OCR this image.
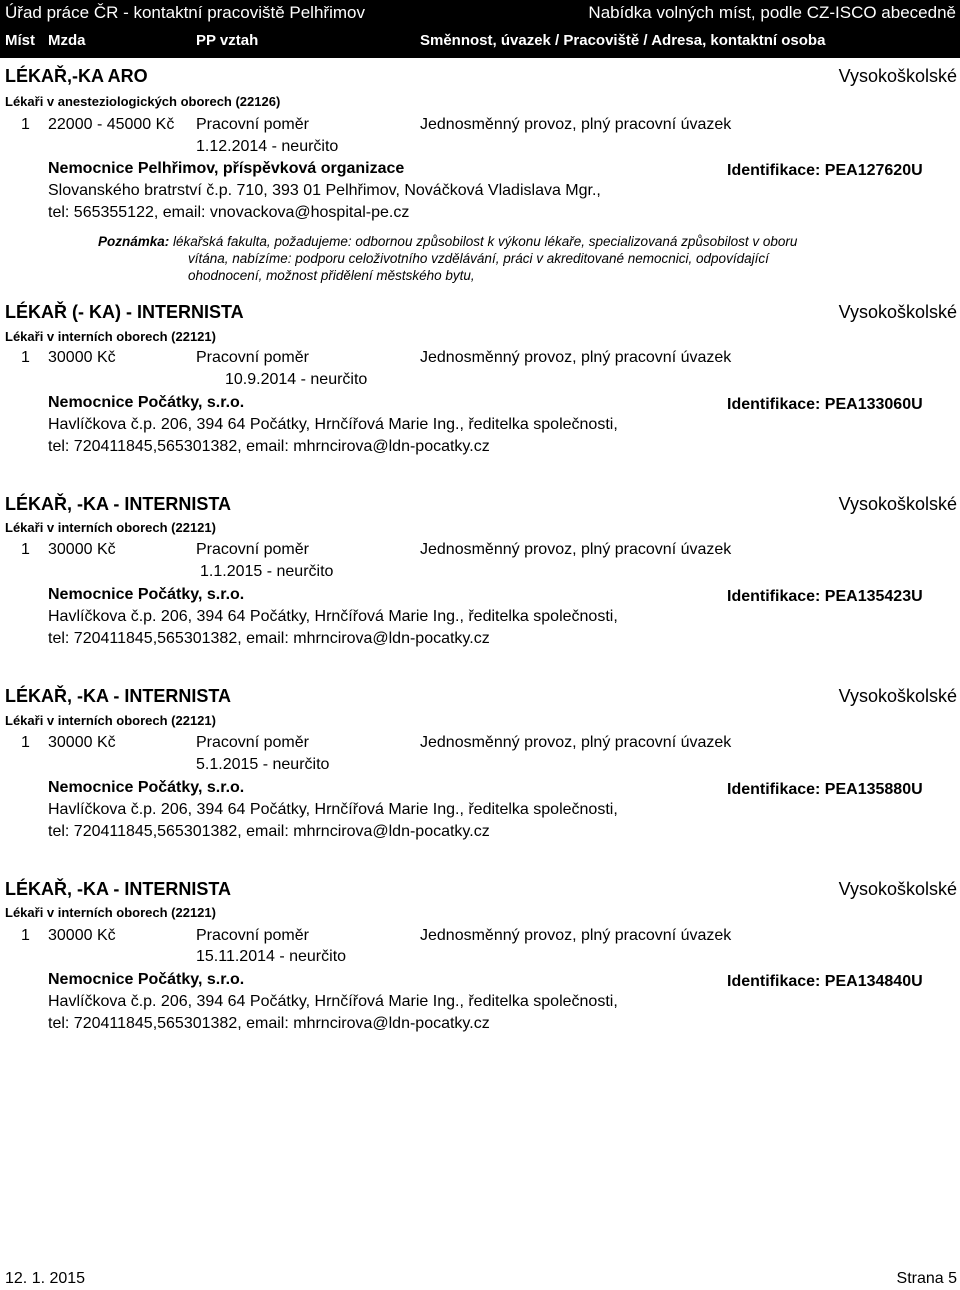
Úřad práce ČR - kontaktní pracoviště Pelhřimov	Nabídka volných míst, podle CZ-ISCO abecedně
Míst Mzda	PP vztah	Směnnost, úvazek / Pracoviště / Adresa, kontaktní osoba
LÉKAŘ,-KA ARO	Vysokoškolské
Lékaři v anesteziologických oborech (22126)
1 22000 - 45000 Kč Pracovní poměr	Jednosměnný provoz, plný pracovní úvazek
1.12.2014 - neurčito
Nemocnice Pelhřimov, příspěvková organizace	Identifikace: PEA127620U
Slovanského bratrství č.p. 710, 393 01 Pelhřimov, Nováčková Vladislava Mgr.,
tel: 565355122, email: vnovackova@hospital-pe.cz
Poznámka: lékařská fakulta, požadujeme: odbornou způsobilost k výkonu lékaře, specializovaná způsobilost v oboru
vítána, nabízíme: podporu celoživotního vzdělávání, práci v akreditované nemocnici, odpovídající
ohodnocení, možnost přidělení městského bytu,
LÉKAŘ (- KA) - INTERNISTA	Vysokoškolské
Lékaři v interních oborech (22121)
1 30000 Kč	Pracovní poměr	Jednosměnný provoz, plný pracovní úvazek
10.9.2014 - neurčito
Nemocnice Počátky, s.r.o.	Identifikace: PEA133060U
Havlíčkova č.p. 206, 394 64 Počátky, Hrnčířová Marie Ing., ředitelka společnosti,
tel: 720411845,565301382, email: mhrncirova@ldn-pocatky.cz
LÉKAŘ, -KA - INTERNISTA	Vysokoškolské
Lékaři v interních oborech (22121)
1 30000 Kč	Pracovní poměr	Jednosměnný provoz, plný pracovní úvazek
1.1.2015 - neurčito
Nemocnice Počátky, s.r.o.	Identifikace: PEA135423U
Havlíčkova č.p. 206, 394 64 Počátky, Hrnčířová Marie Ing., ředitelka společnosti,
tel: 720411845,565301382, email: mhrncirova@ldn-pocatky.cz
LÉKAŘ, -KA - INTERNISTA	Vysokoškolské
Lékaři v interních oborech (22121)
1 30000 Kč	Pracovní poměr	Jednosměnný provoz, plný pracovní úvazek
5.1.2015 - neurčito
Nemocnice Počátky, s.r.o.	Identifikace: PEA135880U
Havlíčkova č.p. 206, 394 64 Počátky, Hrnčířová Marie Ing., ředitelka společnosti,
tel: 720411845,565301382, email: mhrncirova@ldn-pocatky.cz
LÉKAŘ, -KA - INTERNISTA	Vysokoškolské
Lékaři v interních oborech (22121)
1 30000 Kč	Pracovní poměr	Jednosměnný provoz, plný pracovní úvazek
15.11.2014 - neurčito
Nemocnice Počátky, s.r.o.	Identifikace: PEA134840U
Havlíčkova č.p. 206, 394 64 Počátky, Hrnčířová Marie Ing., ředitelka společnosti,
tel: 720411845,565301382, email: mhrncirova@ldn-pocatky.cz
12. 1. 2015	Strana 5
